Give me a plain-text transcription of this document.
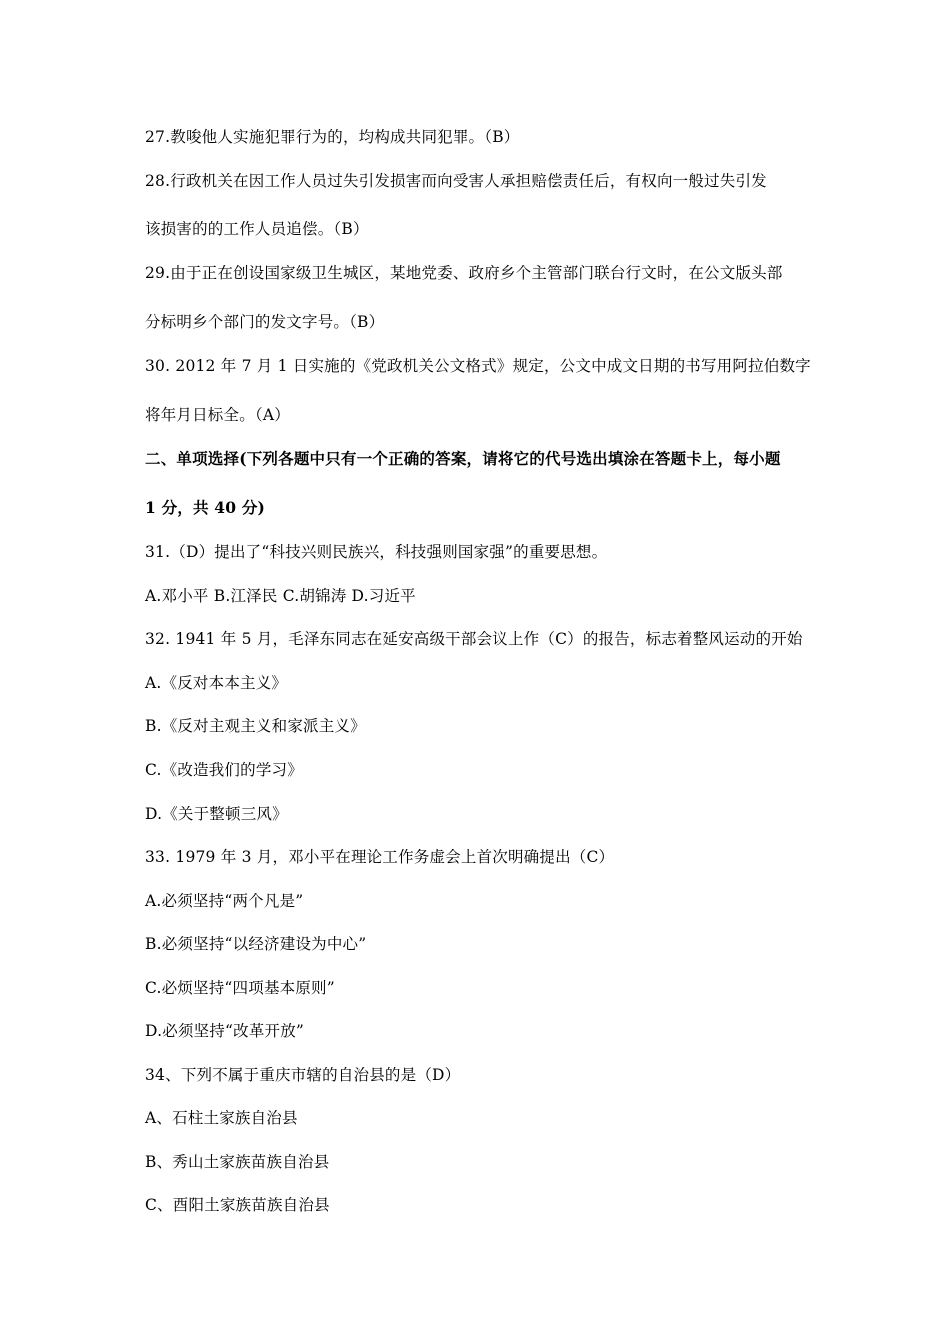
27.教唆他人实施犯罪行为的，均构成共同犯罪。（B）
28.行政机关在因工作人员过失引发损害而向受害人承担赔偿责任后，有权向一般过失引发
该损害的的工作人员追偿。（B）
29.由于正在创设国家级卫生城区，某地党委、政府乡个主管部门联台行文时，在公文版头部
分标明乡个部门的发文字号。（B）
30. 2012 年 7 月 1 日实施的《党政机关公文格式》规定，公文中成文日期的书写用阿拉伯数字
将年月日标全。（A）
二、单项选择(下列各题中只有一个正确的答案，请将它的代号选出填涂在答题卡上，每小题
1 分，共 40 分)
31.（D）提出了“科技兴则民族兴，科技强则国家强”的重要思想。
A.邓小平 B.江泽民 C.胡锦涛 D.习近平
32. 1941 年 5 月，毛泽东同志在延安高级干部会议上作（C）的报告，标志着整风运动的开始
A.《反对本本主义》
B.《反对主观主义和家派主义》
C.《改造我们的学习》
D.《关于整顿三风》
33. 1979 年 3 月，邓小平在理论工作务虚会上首次明确提出（C）
A.必须坚持“两个凡是”
B.必须坚持“以经济建设为中心”
C.必烦坚持“四项基本原则”
D.必须坚持“改革开放”
34、下列不属于重庆市辖的自治县的是（D）
A、石柱土家族自治县
B、秀山土家族苗族自治县
C、酉阳土家族苗族自治县
